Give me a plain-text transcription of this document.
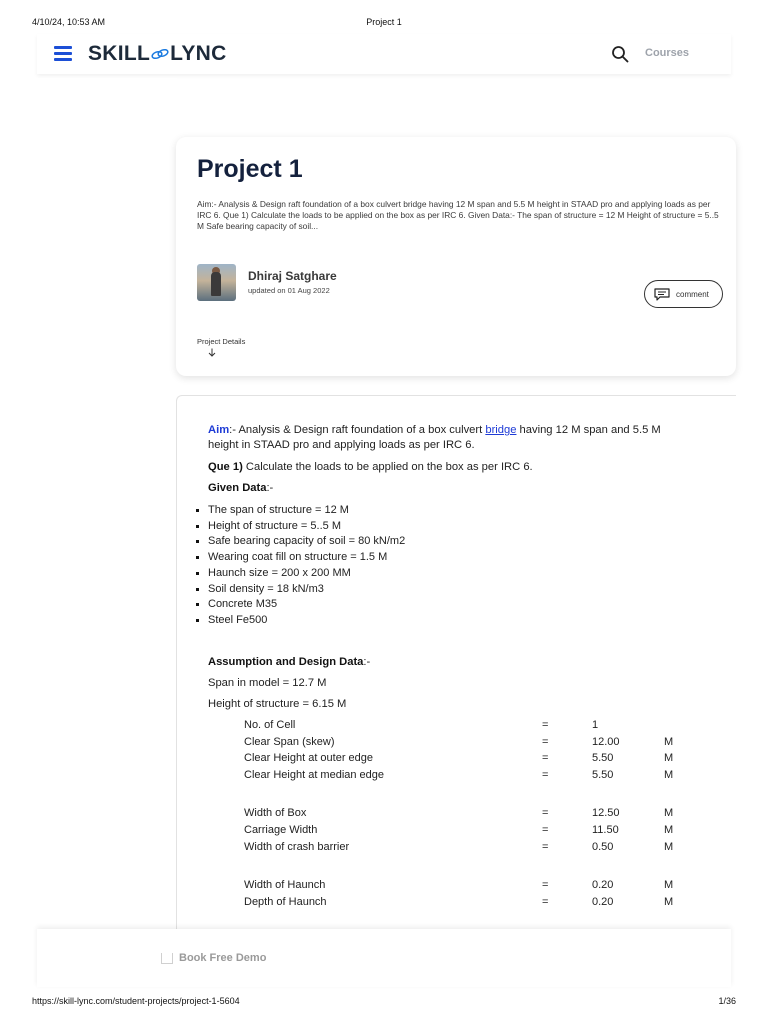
4/10/24, 10:53 AM	Project 1
SKILL LYNC	Courses
Project 1
Aim:- Analysis & Design raft foundation of a box culvert bridge having 12 M span and 5.5 M height in STAAD pro and applying loads as per IRC 6. Que 1) Calculate the loads to be applied on the box as per IRC 6. Given Data:- The span of structure = 12 M Height of structure = 5..5 M Safe bearing capacity of soil...
Dhiraj Satghare
updated on 01 Aug 2022	comment
Project Details
Aim:- Analysis & Design raft foundation of a box culvert bridge having 12 M span and 5.5 M
height in STAAD pro and applying loads as per IRC 6.
Que 1) Calculate the loads to be applied on the box as per IRC 6.
Given Data:-
The span of structure = 12 M
Height of structure = 5..5 M
Safe bearing capacity of soil = 80 kN/m2
Wearing coat fill on structure = 1.5 M
Haunch size = 200 x 200 MM
Soil density = 18 kN/m3
Concrete M35
Steel Fe500
Assumption and Design Data:-
Span in model = 12.7 M
Height of structure = 6.15 M
No. of Cell	=	1
Clear Span (skew)	=	12.00	M
Clear Height at outer edge	=	5.50	M
Clear Height at median edge	=	5.50	M
Width of Box	=	12.50	M
Carriage Width	=	11.50	M
Width of crash barrier	=	0.50	M
Width of Haunch	=	0.20	M
Depth of Haunch	=	0.20	M
Book Free Demo
https://skill-lync.com/student-projects/project-1-5604	1/36
